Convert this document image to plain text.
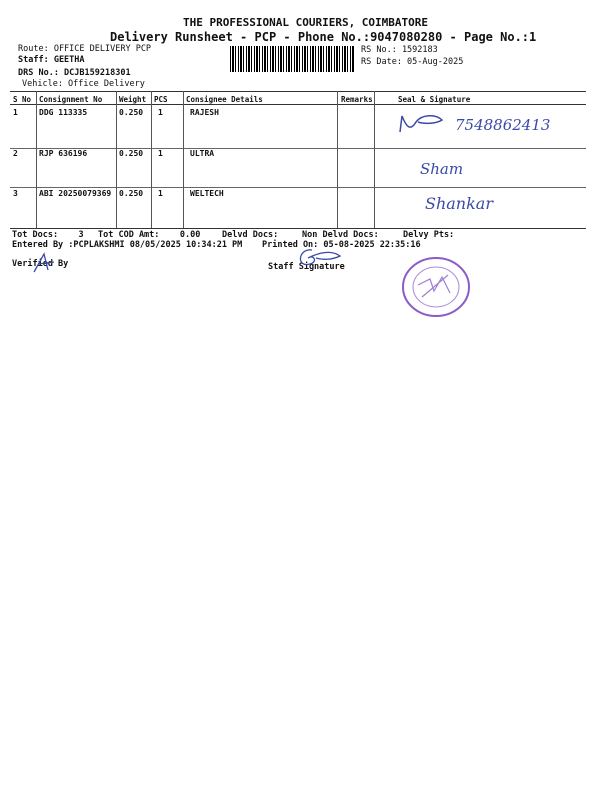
THE PROFESSIONAL COURIERS, COIMBATORE
Delivery Runsheet - PCP - Phone No.:9047080280 - Page No.:1
Route: OFFICE DELIVERY PCP
Staff: GEETHA
DRS No.: DCJB159218301
Vehicle: Office Delivery
RS No.: 1592183
RS Date: 05-Aug-2025
S No Consignment No Weight PCS Consignee Details	Remarks	Seal & Signature
1	DDG 113335	0.250 1	RAJESH
7548862413
2	RJP 636196	0.250 1	ULTRA
Sham
3	ABI 20250079369 0.250 1	WELTECH
Shankar
Tot Docs:    3 Tot COD Amt:    0.00	Delvd Docs:	Non Delvd Docs:	Delvy Pts:
Entered By :PCPLAKSHMI 08/05/2025 10:34:21 PM Printed On: 05-08-2025 22:35:16
Verified By	Staff Signature
